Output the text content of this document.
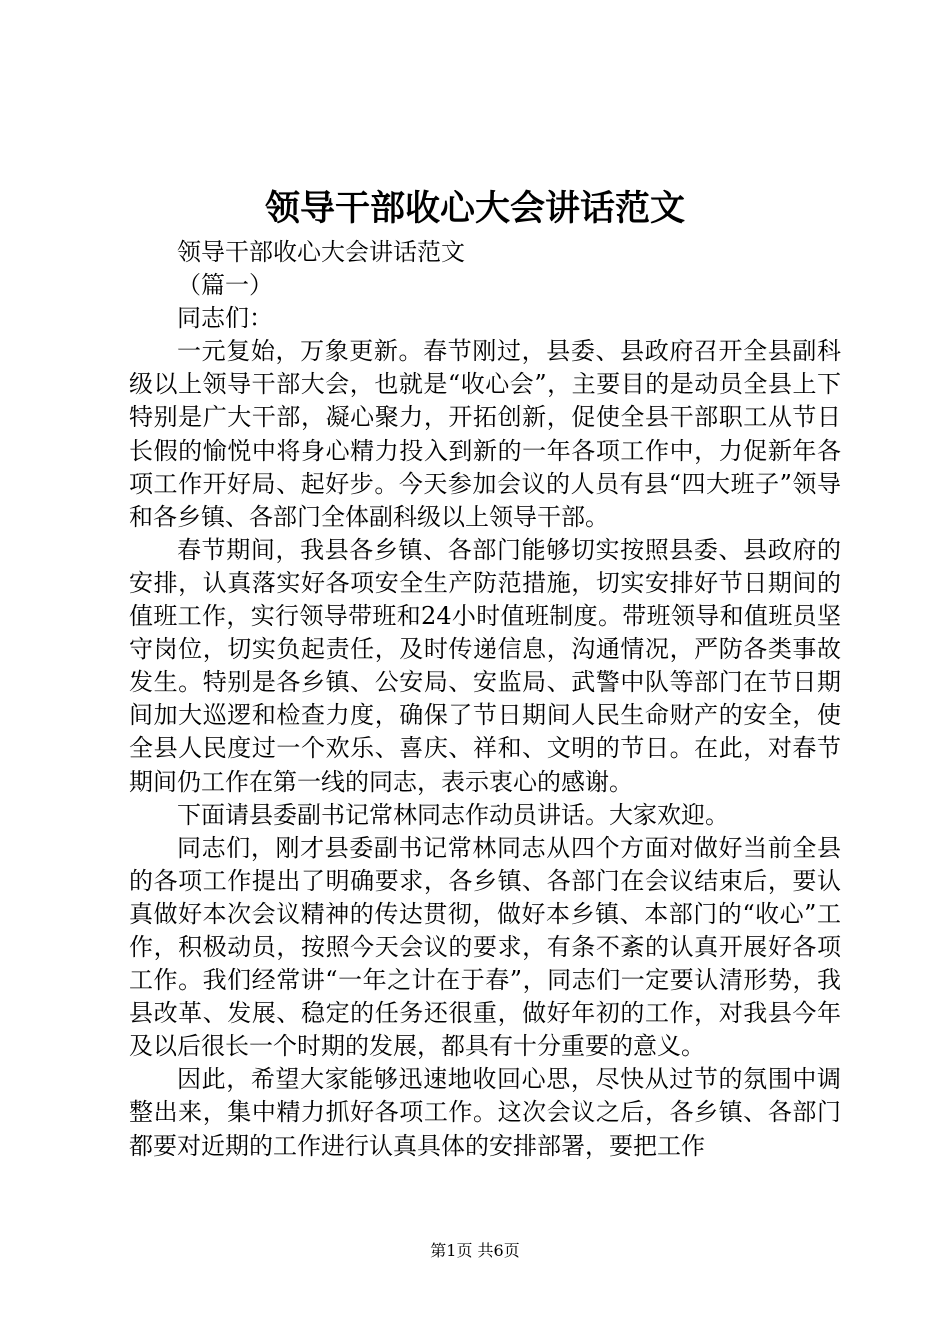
领导干部收心大会讲话范文

领导干部收心大会讲话范文

（篇一）

同志们：

一元复始，万象更新。春节刚过，县委、县政府召开全县副科级以上领导干部大会，也就是“收心会”，主要目的是动员全县上下特别是广大干部，凝心聚力，开拓创新，促使全县干部职工从节日长假的愉悦中将身心精力投入到新的一年各项工作中，力促新年各项工作开好局、起好步。今天参加会议的人员有县“四大班子”领导和各乡镇、各部门全体副科级以上领导干部。

春节期间，我县各乡镇、各部门能够切实按照县委、县政府的安排，认真落实好各项安全生产防范措施，切实安排好节日期间的值班工作，实行领导带班和24小时值班制度。带班领导和值班员坚守岗位，切实负起责任，及时传递信息，沟通情况，严防各类事故发生。特别是各乡镇、公安局、安监局、武警中队等部门在节日期间加大巡逻和检查力度，确保了节日期间人民生命财产的安全，使全县人民度过一个欢乐、喜庆、祥和、文明的节日。在此，对春节期间仍工作在第一线的同志，表示衷心的感谢。

下面请县委副书记常林同志作动员讲话。大家欢迎。

同志们，刚才县委副书记常林同志从四个方面对做好当前全县的各项工作提出了明确要求，各乡镇、各部门在会议结束后，要认真做好本次会议精神的传达贯彻，做好本乡镇、本部门的“收心”工作，积极动员，按照今天会议的要求，有条不紊的认真开展好各项工作。我们经常讲“一年之计在于春”，同志们一定要认清形势，我县改革、发展、稳定的任务还很重，做好年初的工作，对我县今年及以后很长一个时期的发展，都具有十分重要的意义。

因此，希望大家能够迅速地收回心思，尽快从过节的氛围中调整出来，集中精力抓好各项工作。这次会议之后，各乡镇、各部门都要对近期的工作进行认真具体的安排部署，要把工作

第1页 共6页
